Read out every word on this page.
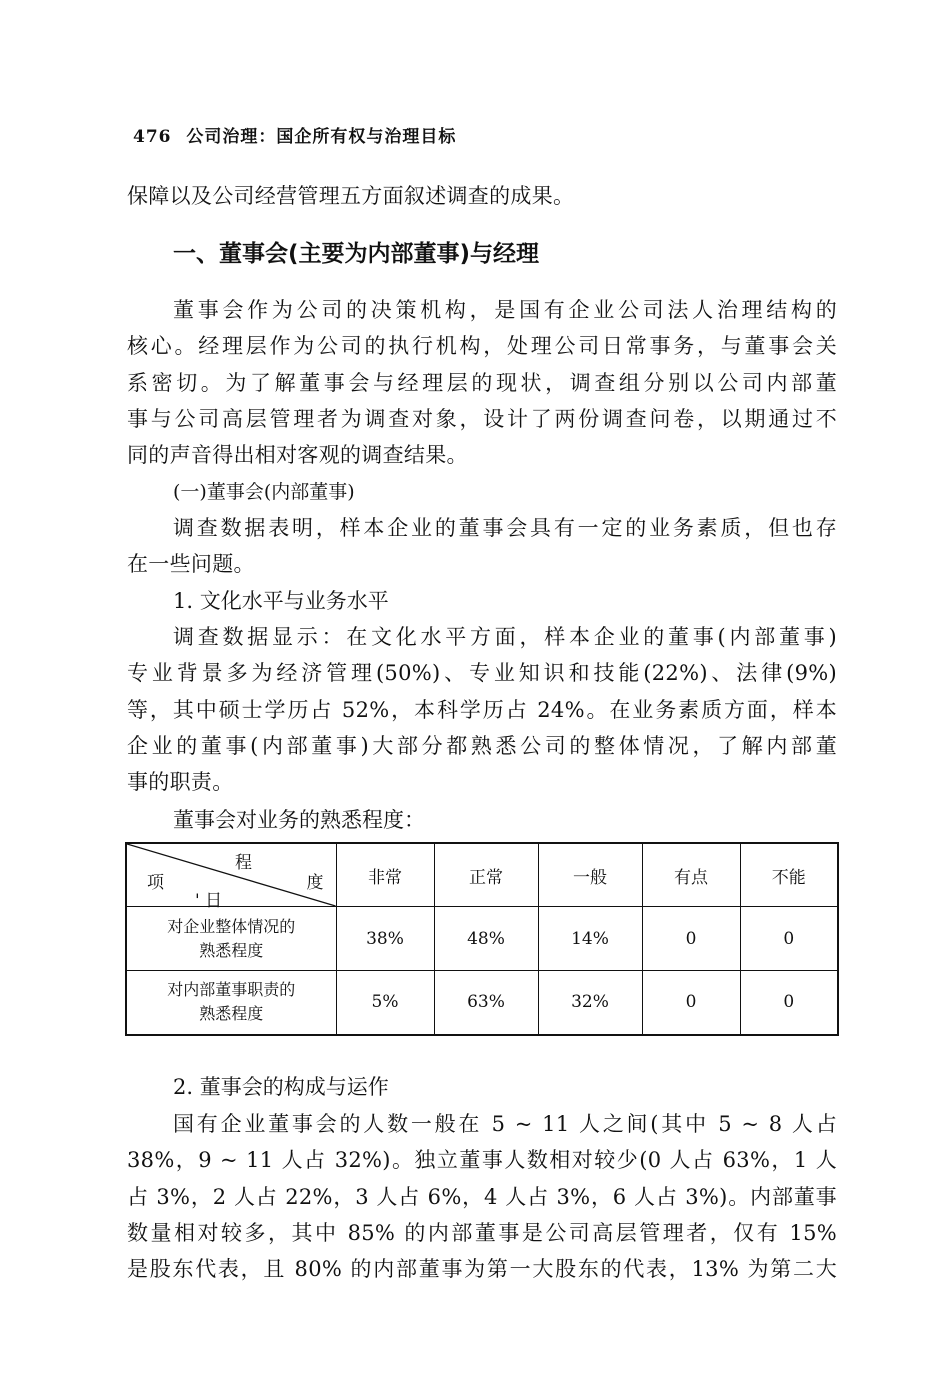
476 公司治理：国企所有权与治理目标
保障以及公司经营管理五方面叙述调查的成果。
一、董事会(主要为内部董事)与经理
董事会作为公司的决策机构，是国有企业公司法人治理结构的
核心。经理层作为公司的执行机构，处理公司日常事务，与董事会关
系密切。为了解董事会与经理层的现状，调查组分别以公司内部董
事与公司高层管理者为调查对象，设计了两份调查问卷，以期通过不
同的声音得出相对客观的调查结果。
(一)董事会(内部董事)
调查数据表明，样本企业的董事会具有一定的业务素质，但也存
在一些问题。
1. 文化水平与业务水平
调查数据显示：在文化水平方面，样本企业的董事(内部董事)
专业背景多为经济管理(50%)、专业知识和技能(22%)、法律(9%)
等，其中硕士学历占 52%，本科学历占 24%。在业务素质方面，样本
企业的董事(内部董事)大部分都熟悉公司的整体情况，了解内部董
事的职责。
董事会对业务的熟悉程度：
程
项 度
' 日	非常	正常	一般	有点	不能

对企业整体情况的
熟悉程度	38%	48%	14%	0	0

对内部董事职责的
熟悉程度	5%	63%	32%	0	0
2. 董事会的构成与运作
国有企业董事会的人数一般在 5 ~ 11 人之间(其中 5 ~ 8 人占
38%，9 ~ 11 人占 32%)。独立董事人数相对较少(0 人占 63%，1 人
占 3%，2 人占 22%，3 人占 6%，4 人占 3%，6 人占 3%)。内部董事
数量相对较多，其中 85% 的内部董事是公司高层管理者，仅有 15%
是股东代表，且 80% 的内部董事为第一大股东的代表，13% 为第二大
